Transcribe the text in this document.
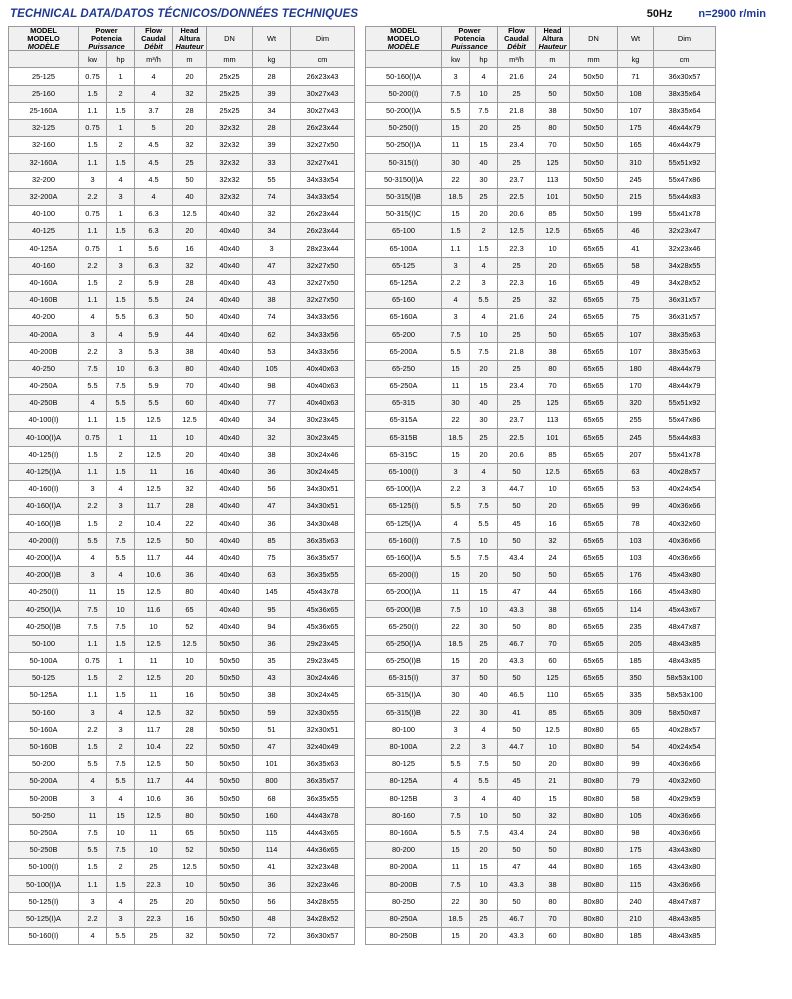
TECHNICAL DATA/DATOS TÉCNICOS/DONNÉES TECHNIQUES	50Hz n=2900 r/min
MODEL
MODELO
MODÈLE	Power
Potencia
Puissance		Flow
Caudal
Débit	Head
Altura
Hauteur	DN	Wt	Dim
	kw	hp	m³/h	m	mm	kg	cm
25-125	0.75	1	4	20	25x25	28	26x23x43
25-160	1.5	2	4	32	25x25	39	30x27x43
25-160A	1.1	1.5	3.7	28	25x25	34	30x27x43
32-125	0.75	1	5	20	32x32	28	26x23x44
32-160	1.5	2	4.5	32	32x32	39	32x27x50
32-160A	1.1	1.5	4.5	25	32x32	33	32x27x41
32-200	3	4	4.5	50	32x32	55	34x33x54
32-200A	2.2	3	4	40	32x32	74	34x33x54
40-100	0.75	1	6.3	12.5	40x40	32	26x23x44
40-125	1.1	1.5	6.3	20	40x40	34	26x23x44
40-125A	0.75	1	5.6	16	40x40	3	28x23x44
40-160	2.2	3	6.3	32	40x40	47	32x27x50
40-160A	1.5	2	5.9	28	40x40	43	32x27x50
40-160B	1.1	1.5	5.5	24	40x40	38	32x27x50
40-200	4	5.5	6.3	50	40x40	74	34x33x56
40-200A	3	4	5.9	44	40x40	62	34x33x56
40-200B	2.2	3	5.3	38	40x40	53	34x33x56
40-250	7.5	10	6.3	80	40x40	105	40x40x63
40-250A	5.5	7.5	5.9	70	40x40	98	40x40x63
40-250B	4	5.5	5.5	60	40x40	77	40x40x63
40-100(I)	1.1	1.5	12.5	12.5	40x40	34	30x23x45
40-100(I)A	0.75	1	11	10	40x40	32	30x23x45
40-125(I)	1.5	2	12.5	20	40x40	38	30x24x46
40-125(I)A	1.1	1.5	11	16	40x40	36	30x24x45
40-160(I)	3	4	12.5	32	40x40	56	34x30x51
40-160(I)A	2.2	3	11.7	28	40x40	47	34x30x51
40-160(I)B	1.5	2	10.4	22	40x40	36	34x30x48
40-200(I)	5.5	7.5	12.5	50	40x40	85	36x35x63
40-200(I)A	4	5.5	11.7	44	40x40	75	36x35x57
40-200(I)B	3	4	10.6	36	40x40	63	36x35x55
40-250(I)	11	15	12.5	80	40x40	145	45x43x78
40-250(I)A	7.5	10	11.6	65	40x40	95	45x36x65
40-250(I)B	7.5	7.5	10	52	40x40	94	45x36x65
50-100	1.1	1.5	12.5	12.5	50x50	36	29x23x45
50-100A	0.75	1	11	10	50x50	35	29x23x45
50-125	1.5	2	12.5	20	50x50	43	30x24x46
50-125A	1.1	1.5	11	16	50x50	38	30x24x45
50-160	3	4	12.5	32	50x50	59	32x30x55
50-160A	2.2	3	11.7	28	50x50	51	32x30x51
50-160B	1.5	2	10.4	22	50x50	47	32x40x49
50-200	5.5	7.5	12.5	50	50x50	101	36x35x63
50-200A	4	5.5	11.7	44	50x50	800	36x35x57
50-200B	3	4	10.6	36	50x50	68	36x35x55
50-250	11	15	12.5	80	50x50	160	44x43x78
50-250A	7.5	10	11	65	50x50	115	44x43x65
50-250B	5.5	7.5	10	52	50x50	114	44x36x65
50-100(I)	1.5	2	25	12.5	50x50	41	32x23x48
50-100(I)A	1.1	1.5	22.3	10	50x50	36	32x23x46
50-125(I)	3	4	25	20	50x50	56	34x28x55
50-125(I)A	2.2	3	22.3	16	50x50	48	34x28x52
50-160(I)	4	5.5	25	32	50x50	72	36x30x57
MODEL
MODELO
MODÈLE	Power
Potencia
Puissance		Flow
Caudal
Débit	Head
Altura
Hauteur	DN	Wt	Dim
	kw	hp	m³/h	m	mm	kg	cm
50-160(I)A	3	4	21.6	24	50x50	71	36x30x57
50-200(I)	7.5	10	25	50	50x50	108	38x35x64
50-200(I)A	5.5	7.5	21.8	38	50x50	107	38x35x64
50-250(I)	15	20	25	80	50x50	175	46x44x79
50-250(I)A	11	15	23.4	70	50x50	165	46x44x79
50-315(I)	30	40	25	125	50x50	310	55x51x92
50-3150(I)A	22	30	23.7	113	50x50	245	55x47x86
50-315(I)B	18.5	25	22.5	101	50x50	215	55x44x83
50-315(I)C	15	20	20.6	85	50x50	199	55x41x78
65-100	1.5	2	12.5	12.5	65x65	46	32x23x47
65-100A	1.1	1.5	22.3	10	65x65	41	32x23x46
65-125	3	4	25	20	65x65	58	34x28x55
65-125A	2.2	3	22.3	16	65x65	49	34x28x52
65-160	4	5.5	25	32	65x65	75	36x31x57
65-160A	3	4	21.6	24	65x65	75	36x31x57
65-200	7.5	10	25	50	65x65	107	38x35x63
65-200A	5.5	7.5	21.8	38	65x65	107	38x35x63
65-250	15	20	25	80	65x65	180	48x44x79
65-250A	11	15	23.4	70	65x65	170	48x44x79
65-315	30	40	25	125	65x65	320	55x51x92
65-315A	22	30	23.7	113	65x65	255	55x47x86
65-315B	18.5	25	22.5	101	65x65	245	55x44x83
65-315C	15	20	20.6	85	65x65	207	55x41x78
65-100(I)	3	4	50	12.5	65x65	63	40x28x57
65-100(I)A	2.2	3	44.7	10	65x65	53	40x24x54
65-125(I)	5.5	7.5	50	20	65x65	99	40x36x66
65-125(I)A	4	5.5	45	16	65x65	78	40x32x60
65-160(I)	7.5	10	50	32	65x65	103	40x36x66
65-160(I)A	5.5	7.5	43.4	24	65x65	103	40x36x66
65-200(I)	15	20	50	50	65x65	176	45x43x80
65-200(I)A	11	15	47	44	65x65	166	45x43x80
65-200(I)B	7.5	10	43.3	38	65x65	114	45x43x67
65-250(I)	22	30	50	80	65x65	235	48x47x87
65-250(I)A	18.5	25	46.7	70	65x65	205	48x43x85
65-250(I)B	15	20	43.3	60	65x65	185	48x43x85
65-315(I)	37	50	50	125	65x65	350	58x53x100
65-315(I)A	30	40	46.5	110	65x65	335	58x53x100
65-315(I)B	22	30	41	85	65x65	309	58x50x87
80-100	3	4	50	12.5	80x80	65	40x28x57
80-100A	2.2	3	44.7	10	80x80	54	40x24x54
80-125	5.5	7.5	50	20	80x80	99	40x36x66
80-125A	4	5.5	45	21	80x80	79	40x32x60
80-125B	3	4	40	15	80x80	58	40x29x59
80-160	7.5	10	50	32	80x80	105	40x36x66
80-160A	5.5	7.5	43.4	24	80x80	98	40x36x66
80-200	15	20	50	50	80x80	175	43x43x80
80-200A	11	15	47	44	80x80	165	43x43x80
80-200B	7.5	10	43.3	38	80x80	115	43x36x66
80-250	22	30	50	80	80x80	240	48x47x87
80-250A	18.5	25	46.7	70	80x80	210	48x43x85
80-250B	15	20	43.3	60	80x80	185	48x43x85
